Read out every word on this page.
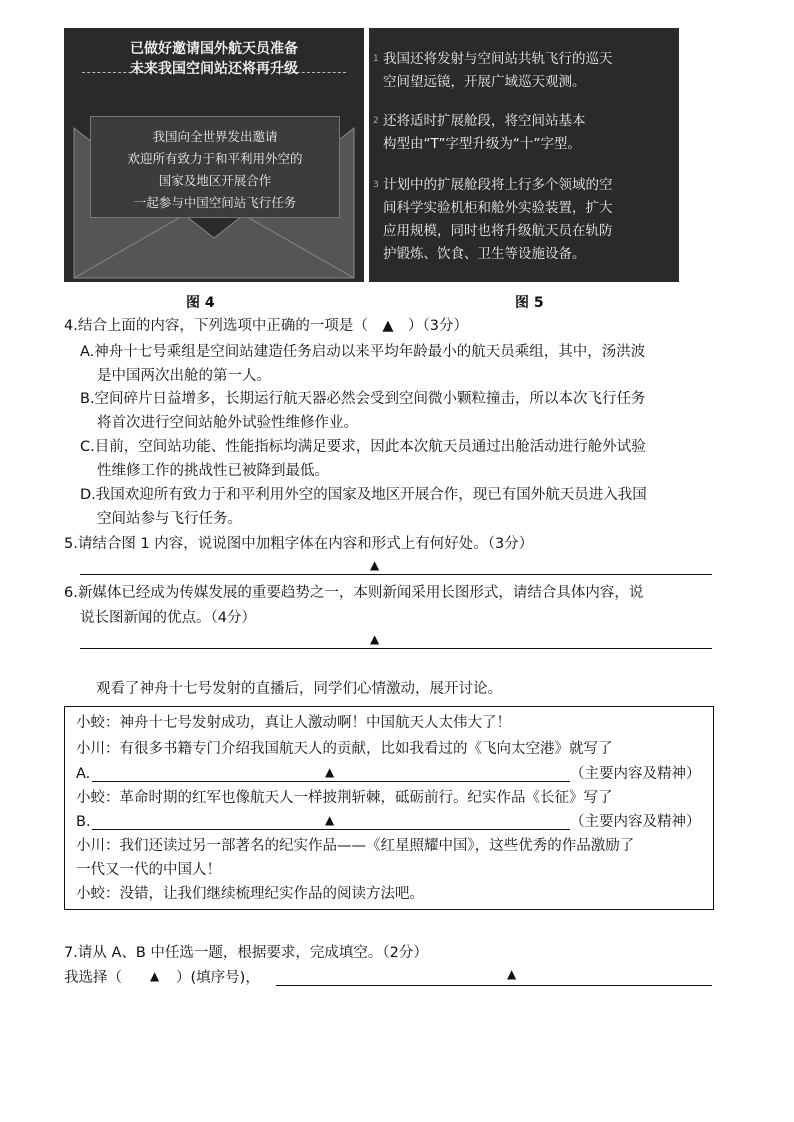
已做好邀请国外航天员准备
未来我国空间站还将再升级
我国向全世界发出邀请
欢迎所有致力于和平利用外空的
国家及地区开展合作
一起参与中国空间站飞行任务
1 我国还将发射与空间站共轨飞行的巡天
空间望远镜，开展广域巡天观测。
2 还将适时扩展舱段，将空间站基本
构型由“T”字型升级为“十”字型。
3 计划中的扩展舱段将上行多个领域的空
间科学实验机柜和舱外实验装置，扩大
应用规模，同时也将升级航天员在轨防
护锻炼、饮食、卫生等设施设备。
图 4	图 5
4.结合上面的内容，下列选项中正确的一项是（　▲　）（3分）
A.神舟十七号乘组是空间站建造任务启动以来平均年龄最小的航天员乘组，其中，汤洪波
是中国两次出舱的第一人。
B.空间碎片日益增多，长期运行航天器必然会受到空间微小颗粒撞击，所以本次飞行任务
将首次进行空间站舱外试验性维修作业。
C.目前，空间站功能、性能指标均满足要求，因此本次航天员通过出舱活动进行舱外试验
性维修工作的挑战性已被降到最低。
D.我国欢迎所有致力于和平利用外空的国家及地区开展合作，现已有国外航天员进入我国
空间站参与飞行任务。
5.请结合图 1 内容，说说图中加粗字体在内容和形式上有何好处。（3分）
▲
6.新媒体已经成为传媒发展的重要趋势之一，本则新闻采用长图形式，请结合具体内容，说
说长图新闻的优点。（4分）
▲
观看了神舟十七号发射的直播后，同学们心情激动，展开讨论。
小蛟：神舟十七号发射成功，真让人激动啊！中国航天人太伟大了！
小川：有很多书籍专门介绍我国航天人的贡献，比如我看过的《飞向太空港》就写了
A.	▲	（主要内容及精神）
小蛟：革命时期的红军也像航天人一样披荆斩棘，砥砺前行。纪实作品《长征》写了
B.	▲	（主要内容及精神）
小川：我们还读过另一部著名的纪实作品——《红星照耀中国》，这些优秀的作品激励了
一代又一代的中国人！
小蛟：没错，让我们继续梳理纪实作品的阅读方法吧。
7.请从 A、B 中任选一题，根据要求，完成填空。（2分）
我选择（ ▲ ）(填序号)，	▲
